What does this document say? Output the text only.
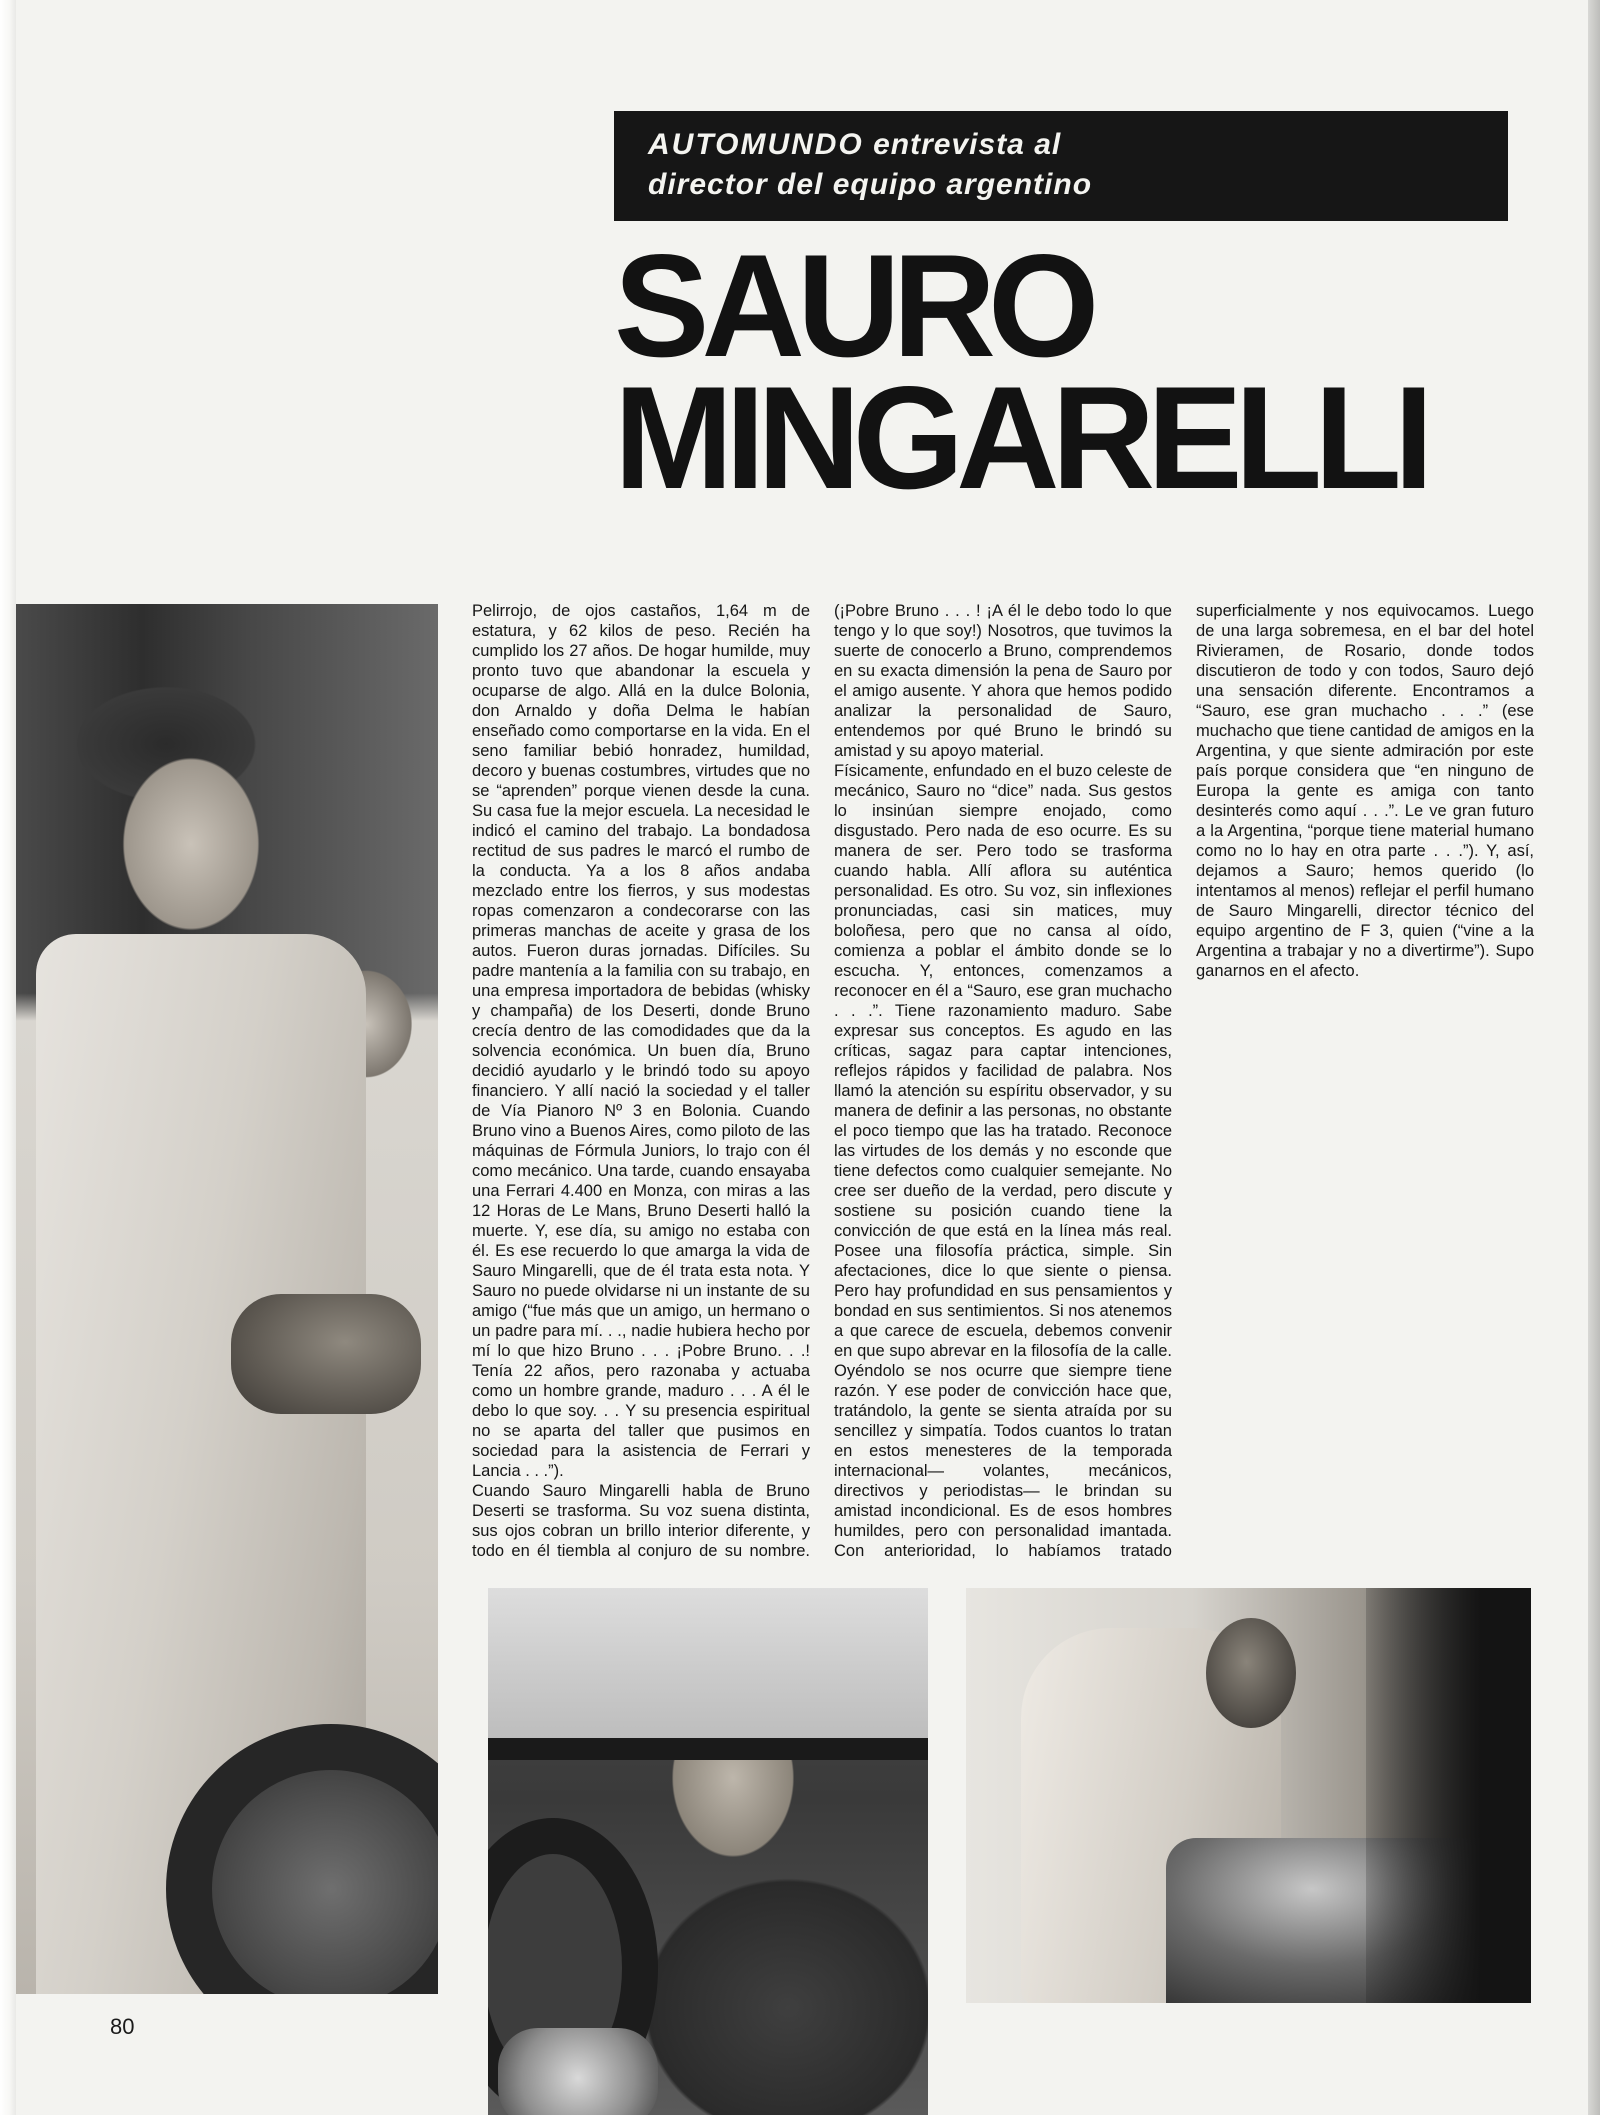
AUTOMUNDO entrevista al
director del equipo argentino
SAURO
MINGARELLI

Pelirrojo, de ojos castaños, 1,64 m de estatura, y 62 kilos de peso. Recién ha cumplido los 27 años. De hogar humilde, muy pronto tuvo que abandonar la escuela y ocuparse de algo. Allá en la dulce Bolonia, don Arnaldo y doña Delma le habían enseñado como comportarse en la vida. En el seno familiar bebió honradez, humildad, decoro y buenas costumbres, virtudes que no se “aprenden” porque vienen desde la cuna. Su casa fue la mejor escuela. La necesidad le indicó el camino del trabajo. La bondadosa rectitud de sus padres le marcó el rumbo de la conducta. Ya a los 8 años andaba mezclado entre los fierros, y sus modestas ropas comenzaron a condecorarse con las primeras manchas de aceite y grasa de los autos. Fueron duras jornadas. Difíciles. Su padre mantenía a la familia con su trabajo, en una empresa importadora de bebidas (whisky y champaña) de los Deserti, donde Bruno crecía dentro de las comodidades que da la solvencia económica. Un buen día, Bruno decidió ayudarlo y le brindó todo su apoyo financiero. Y allí nació la sociedad y el taller de Vía Pianoro Nº 3 en Bolonia. Cuando Bruno vino a Buenos Aires, como piloto de las máquinas de Fórmula Juniors, lo trajo con él como mecánico. Una tarde, cuando ensayaba una Ferrari 4.400 en Monza, con miras a las 12 Horas de Le Mans, Bruno Deserti halló la muerte. Y, ese día, su amigo no estaba con él. Es ese recuerdo lo que amarga la vida de Sauro Mingarelli, que de él trata esta nota. Y Sauro no puede olvidarse ni un instante de su amigo (“fue más que un amigo, un hermano o un padre para mí. . ., nadie hubiera hecho por mí lo que hizo Bruno . . . ¡Pobre Bruno. . .! Tenía 22 años, pero razonaba y actuaba como un hombre grande, maduro . . . A él le debo lo que soy. . . Y su presencia espiritual no se aparta del taller que pusimos en sociedad para la asistencia de Ferrari y Lancia . . .”).

Cuando Sauro Mingarelli habla de Bruno Deserti se trasforma. Su voz suena distinta, sus ojos cobran un brillo interior diferente, y todo en él tiembla al conjuro de su nombre. (¡Pobre Bruno . . . ! ¡A él le debo todo lo que tengo y lo que soy!) Nosotros, que tuvimos la suerte de conocerlo a Bruno, comprendemos en su exacta dimensión la pena de Sauro por el amigo ausente. Y ahora que hemos podido analizar la personalidad de Sauro, entendemos por qué Bruno le brindó su amistad y su apoyo material.

Físicamente, enfundado en el buzo celeste de mecánico, Sauro no “dice” nada. Sus gestos lo insinúan siempre enojado, como disgustado. Pero nada de eso ocurre. Es su manera de ser. Pero todo se trasforma cuando habla. Allí aflora su auténtica personalidad. Es otro. Su voz, sin inflexiones pronunciadas, casi sin matices, muy boloñesa, pero que no cansa al oído, comienza a poblar el ámbito donde se lo escucha. Y, entonces, comenzamos a reconocer en él a “Sauro, ese gran muchacho . . .”. Tiene razonamiento maduro. Sabe expresar sus conceptos. Es agudo en las críticas, sagaz para captar intenciones, reflejos rápidos y facilidad de palabra. Nos llamó la atención su espíritu observador, y su manera de definir a las personas, no obstante el poco tiempo que las ha tratado. Reconoce las virtudes de los demás y no esconde que tiene defectos como cualquier semejante. No cree ser dueño de la verdad, pero discute y sostiene su posición cuando tiene la convicción de que está en la línea más real. Posee una filosofía práctica, simple. Sin afectaciones, dice lo que siente o piensa. Pero hay profundidad en sus pensamientos y bondad en sus sentimientos. Si nos atenemos a que carece de escuela, debemos convenir en que supo abrevar en la filosofía de la calle. Oyéndolo se nos ocurre que siempre tiene razón. Y ese poder de convicción hace que, tratándolo, la gente se sienta atraída por su sencillez y simpatía. Todos cuantos lo tratan en estos menesteres de la temporada internacional— volantes, mecánicos, directivos y periodistas— le brindan su amistad incondicional. Es de esos hombres humildes, pero con personalidad imantada. Con anterioridad, lo habíamos tratado superficialmente y nos equivocamos. Luego de una larga sobremesa, en el bar del hotel Rivieramen, de Rosario, donde todos discutieron de todo y con todos, Sauro dejó una sensación diferente. Encontramos a “Sauro, ese gran muchacho . . .” (ese muchacho que tiene cantidad de amigos en la Argentina, y que siente admiración por este país porque considera que “en ninguno de Europa la gente es amiga con tanto desinterés como aquí . . .”. Le ve gran futuro a la Argentina, “porque tiene material humano como no lo hay en otra parte . . .”). Y, así, dejamos a Sauro; hemos querido (lo intentamos al menos) reflejar el perfil humano de Sauro Mingarelli, director técnico del equipo argentino de F 3, quien (“vine a la Argentina a trabajar y no a divertirme”). Supo ganarnos en el afecto.

80
